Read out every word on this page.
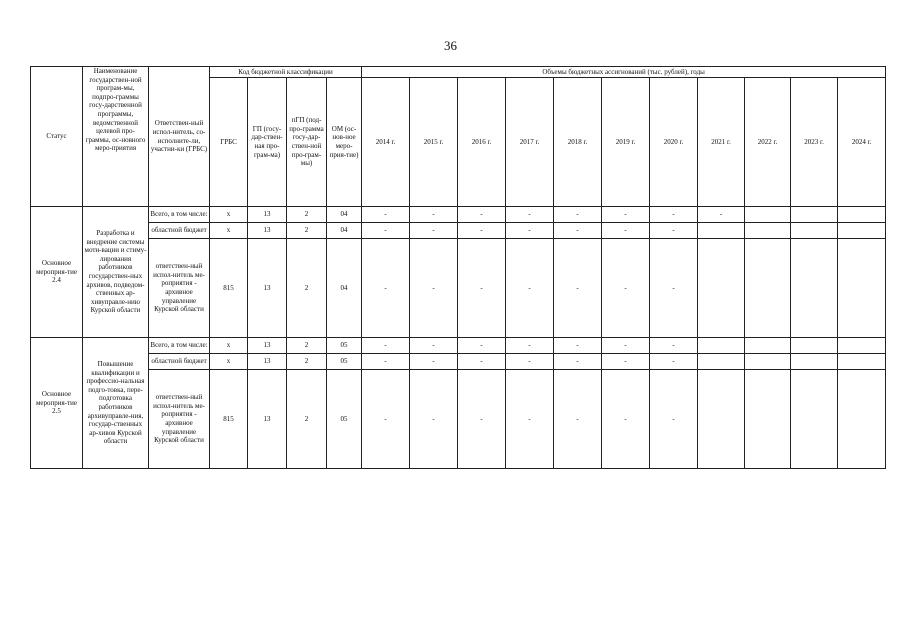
36
Статус	Наименование государствен-ной програм-мы, подпро-граммы госу-дарственной программы, ведомственной целевой про-граммы, ос-новного меро-приятия	Ответствен-ный испол-нитель, со-исполните-ли, участни-ки (ГРБС)	Код бюджетной классификации				Объемы бюджетных ассигнований (тыс. рублей), годы										
			ГРБС	ГП (госу-дар-ствен-ная про-грам-ма)	пГП (под-про-грамма госу-дар-ствен-ной про-грам-мы)	ОМ (ос-нов-ное меро-прия-тие)	2014 г.	2015 г.	2016 г.	2017 г.	2018 г.	2019 г.	2020 г.	2021 г.	2022 г.	2023 г.	2024 г.
Основное мероприя-тие 2.4	Разработка и внедрение системы моти-вации и стиму-лирования работников государствен-ных архивов, подведом-ственных ар-хивуправле-нию Курской области	Всего, в том числе:	x	13	2	04	-	-	-	-	-	-	-	-			
		областной бюджет	x	13	2	04	-	-	-	-	-	-	-				
		ответствен-ный испол-нитель ме-роприятия - архивное управление Курской области	815	13	2	04	-	-	-	-	-	-	-				
Основное мероприя-тие 2.5	Повышение квалификации и профессио-нальная подго-товка, пере-подготовка работников архивуправле-ния, государ-ственных ар-хивов Курской области	Всего, в том числе:	x	13	2	05	-	-	-	-	-	-	-				
		областной бюджет	x	13	2	05	-	-	-	-	-	-	-				
		ответствен-ный испол-нитель ме-роприятия - архивное управление Курской области	815	13	2	05	-	-	-	-	-	-	-				
